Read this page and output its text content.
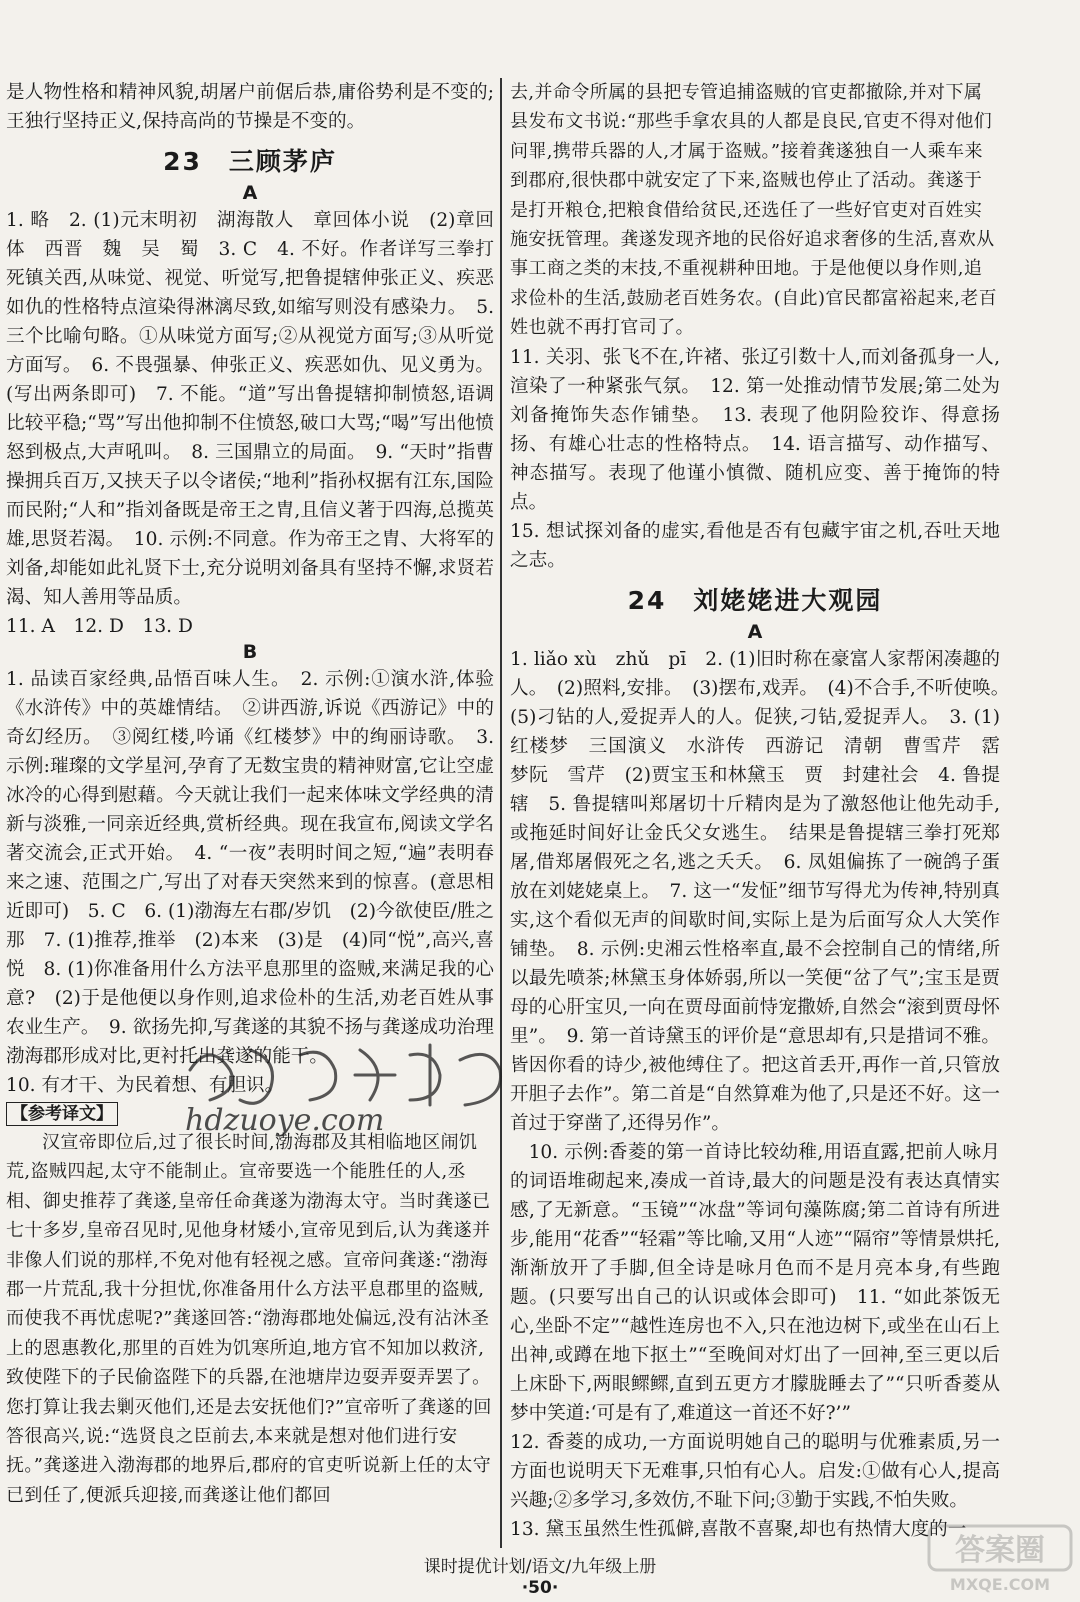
是人物性格和精神风貌,胡屠户前倨后恭,庸俗势利是不变的;王独行坚持正义,保持高尚的节操是不变的。

23　三顾茅庐
A

1. 略　2. (1)元末明初　湖海散人　章回体小说　(2)章回体　西晋　魏　吴　蜀　3. C　4. 不好。作者详写三拳打死镇关西,从味觉、视觉、听觉写,把鲁提辖伸张正义、疾恶如仇的性格特点渲染得淋漓尽致,如缩写则没有感染力。　5. 三个比喻句略。①从味觉方面写;②从视觉方面写;③从听觉方面写。　6. 不畏强暴、伸张正义、疾恶如仇、见义勇为。(写出两条即可)　7. 不能。“道”写出鲁提辖抑制愤怒,语调比较平稳;“骂”写出他抑制不住愤怒,破口大骂;“喝”写出他愤怒到极点,大声吼叫。　8. 三国鼎立的局面。　9. “天时”指曹操拥兵百万,又挟天子以令诸侯;“地利”指孙权据有江东,国险而民附;“人和”指刘备既是帝王之胄,且信义著于四海,总揽英雄,思贤若渴。　10. 示例:不同意。作为帝王之胄、大将军的刘备,却能如此礼贤下士,充分说明刘备具有坚持不懈,求贤若渴、知人善用等品质。

11. A　12. D　13. D

B

1. 品读百家经典,品悟百味人生。　2. 示例:①演水浒,体验《水浒传》中的英雄情结。　②讲西游,诉说《西游记》中的奇幻经历。　③阅红楼,吟诵《红楼梦》中的绚丽诗歌。　3. 示例:璀璨的文学星河,孕育了无数宝贵的精神财富,它让空虚冰冷的心得到慰藉。今天就让我们一起来体味文学经典的清新与淡雅,一同亲近经典,赏析经典。现在我宣布,阅读文学名著交流会,正式开始。　4. “一夜”表明时间之短,“遍”表明春来之速、范围之广,写出了对春天突然来到的惊喜。(意思相近即可)　5. C　6. (1)渤海左右郡/岁饥　(2)今欲使臣/胜之那　7. (1)推荐,推举　(2)本来　(3)是　(4)同“悦”,高兴,喜悦　8. (1)你准备用什么方法平息那里的盗贼,来满足我的心意?　(2)于是他便以身作则,追求俭朴的生活,劝老百姓从事农业生产。　9. 欲扬先抑,写龚遂的其貌不扬与龚遂成功治理渤海郡形成对比,更衬托出龚遂的能干。

10. 有才干、为民着想、有胆识。

【参考译文】

汉宣帝即位后,过了很长时间,渤海郡及其相临地区闹饥荒,盗贼四起,太守不能制止。宣帝要选一个能胜任的人,丞相、御史推荐了龚遂,皇帝任命龚遂为渤海太守。当时龚遂已七十多岁,皇帝召见时,见他身材矮小,宣帝见到后,认为龚遂并非像人们说的那样,不免对他有轻视之感。宣帝问龚遂:“渤海郡一片荒乱,我十分担忧,你准备用什么方法平息郡里的盗贼,而使我不再忧虑呢?”龚遂回答:“渤海郡地处偏远,没有沾沐圣上的恩惠教化,那里的百姓为饥寒所迫,地方官不知加以救济,致使陛下的子民偷盗陛下的兵器,在池塘岸边耍弄耍弄罢了。您打算让我去剿灭他们,还是去安抚他们?”宣帝听了龚遂的回答很高兴,说:“选贤良之臣前去,本来就是想对他们进行安抚。”龚遂进入渤海郡的地界后,郡府的官吏听说新上任的太守已到任了,便派兵迎接,而龚遂让他们都回

去,并命令所属的县把专管追捕盗贼的官吏都撤除,并对下属县发布文书说:“那些手拿农具的人都是良民,官吏不得对他们问罪,携带兵器的人,才属于盗贼。”接着龚遂独自一人乘车来到郡府,很快郡中就安定了下来,盗贼也停止了活动。龚遂于是打开粮仓,把粮食借给贫民,还选任了一些好官吏对百姓实施安抚管理。龚遂发现齐地的民俗好追求奢侈的生活,喜欢从事工商之类的末技,不重视耕种田地。于是他便以身作则,追求俭朴的生活,鼓励老百姓务农。(自此)官民都富裕起来,老百姓也就不再打官司了。

11. 关羽、张飞不在,许褚、张辽引数十人,而刘备孤身一人,渲染了一种紧张气氛。　12. 第一处推动情节发展;第二处为刘备掩饰失态作铺垫。　13. 表现了他阴险狡诈、得意扬扬、有雄心壮志的性格特点。　14. 语言描写、动作描写、神态描写。表现了他谨小慎微、随机应变、善于掩饰的特点。

15. 想试探刘备的虚实,看他是否有包藏宇宙之机,吞吐天地之志。

24　刘姥姥进大观园
A

1. liǎo xù　zhǔ　pī　2. (1)旧时称在豪富人家帮闲凑趣的人。　(2)照料,安排。　(3)摆布,戏弄。　(4)不合手,不听使唤。　(5)刁钻的人,爱捉弄人的人。促狭,刁钻,爱捉弄人。　3. (1)红楼梦　三国演义　水浒传　西游记　清朝　曹雪芹　霑　梦阮　雪芹　(2)贾宝玉和林黛玉　贾　封建社会　4. 鲁提辖　5. 鲁提辖叫郑屠切十斤精肉是为了激怒他让他先动手,或拖延时间好让金氏父女逃生。　结果是鲁提辖三拳打死郑屠,借郑屠假死之名,逃之夭夭。　6. 凤姐偏拣了一碗鸽子蛋放在刘姥姥桌上。　7. 这一“发怔”细节写得尤为传神,特别真实,这个看似无声的间歇时间,实际上是为后面写众人大笑作铺垫。　8. 示例:史湘云性格率直,最不会控制自己的情绪,所以最先喷茶;林黛玉身体娇弱,所以一笑便“岔了气”;宝玉是贾母的心肝宝贝,一向在贾母面前恃宠撒娇,自然会“滚到贾母怀里”。　9. 第一首诗黛玉的评价是“意思却有,只是措词不雅。皆因你看的诗少,被他缚住了。把这首丢开,再作一首,只管放开胆子去作”。第二首是“自然算难为他了,只是还不好。这一首过于穿凿了,还得另作”。

10. 示例:香菱的第一首诗比较幼稚,用语直露,把前人咏月的词语堆砌起来,凑成一首诗,最大的问题是没有表达真情实感,了无新意。“玉镜”“冰盘”等词句藻陈腐;第二首诗有所进步,能用“花香”“轻霜”等比喻,又用“人迹”“隔帘”等情景烘托,渐渐放开了手脚,但全诗是咏月色而不是月亮本身,有些跑题。(只要写出自己的认识或体会即可)　11. “如此茶饭无心,坐卧不定”“越性连房也不入,只在池边树下,或坐在山石上出神,或蹲在地下抠土”“至晚间对灯出了一回神,至三更以后上床卧下,两眼鳏鳏,直到五更方才朦胧睡去了”“只听香菱从梦中笑道:‘可是有了,难道这一首还不好?’”

12. 香菱的成功,一方面说明她自己的聪明与优雅素质,另一方面也说明天下无难事,只怕有心人。启发:①做有心人,提高兴趣;②多学习,多效仿,不耻下问;③勤于实践,不怕失败。

13. 黛玉虽然生性孤僻,喜散不喜聚,却也有热情大度的一

hdzuoye.com
答案圈
MXQE.COM
课时提优计划/语文/九年级上册
·50·
